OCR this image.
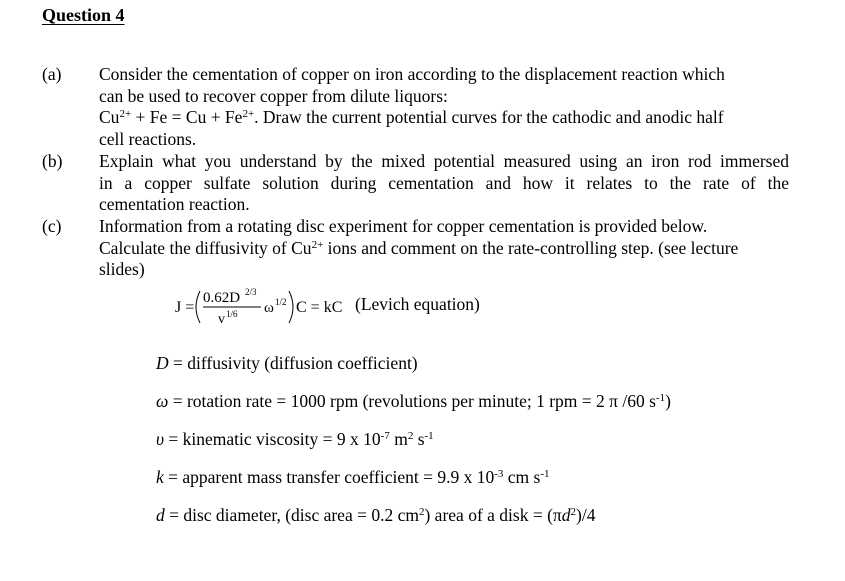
Question 4
(a) Consider the cementation of copper on iron according to the displacement reaction which
can be used to recover copper from dilute liquors:
$Cu^{2+} + Fe = Cu + Fe^{2+}$. Draw the current potential curves for the cathodic and anodic half
cell reactions.
(b) Explain what you understand by the mixed potential measured using an iron rod immersed
in a copper sulfate solution during cementation and how it relates to the rate of the
cementation reaction.
(c) Information from a rotating disc experiment for copper cementation is provided below.
Calculate the diffusivity of $Cu^{2+}$ ions and comment on the rate-controlling step. (see lecture
slides)
J =
0.62D 2/3
v 1/6 ω 1/2 C = kC (Levich equation)
D = diffusivity (diffusion coefficient)
ω = rotation rate = 1000 rpm (revolutions per minute; 1 rpm = 2 π /60 $s^{-1}$)
υ = kinematic viscosity = 9 x $10^{-7}$ $m^2$ $s^{-1}$
k = apparent mass transfer coefficient = 9.9 x $10^{-3}$ cm $s^{-1}$
d = disc diameter, (disc area = 0.2 $cm^2$) area of a disk = $(\pi d^2)/4$
